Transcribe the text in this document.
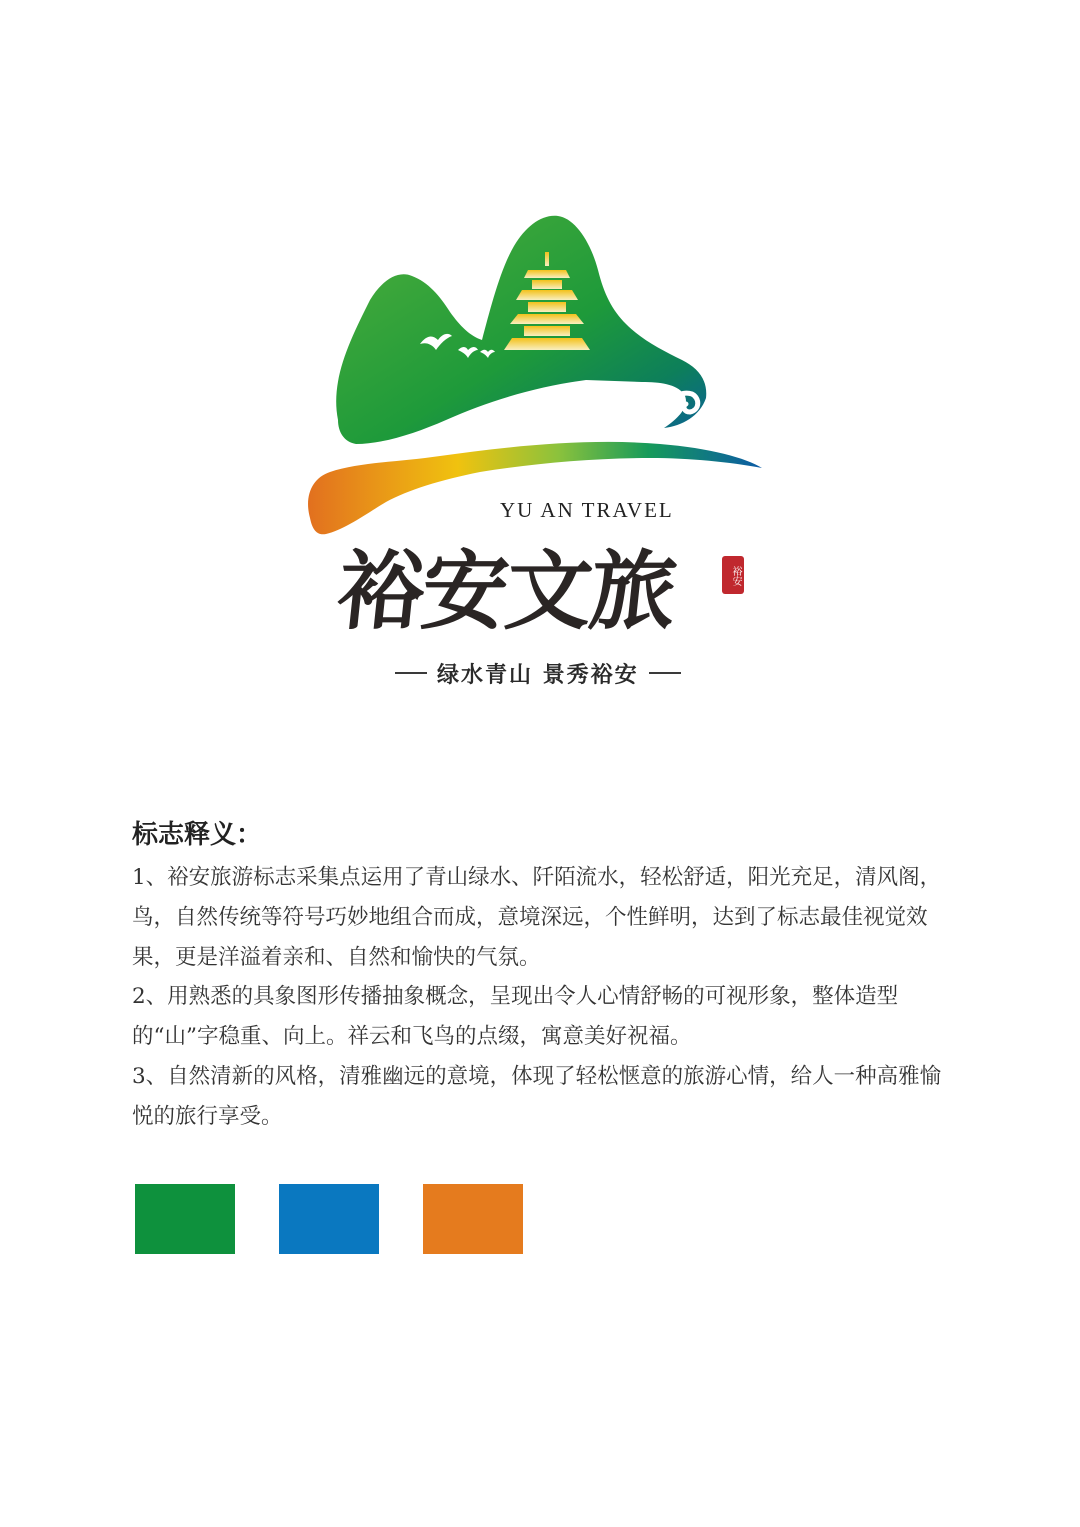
YU AN TRAVEL
裕安文旅	裕安
绿水青山 景秀裕安
标志释义：

1、裕安旅游标志采集点运用了青山绿水、阡陌流水，轻松舒适，阳光充足，清风阁，鸟，自然传统等符号巧妙地组合而成，意境深远，个性鲜明，达到了标志最佳视觉效果，更是洋溢着亲和、自然和愉快的气氛。

2、用熟悉的具象图形传播抽象概念，呈现出令人心情舒畅的可视形象，整体造型的“山”字稳重、向上。祥云和飞鸟的点缀，寓意美好祝福。

3、自然清新的风格，清雅幽远的意境，体现了轻松惬意的旅游心情，给人一种高雅愉悦的旅行享受。
